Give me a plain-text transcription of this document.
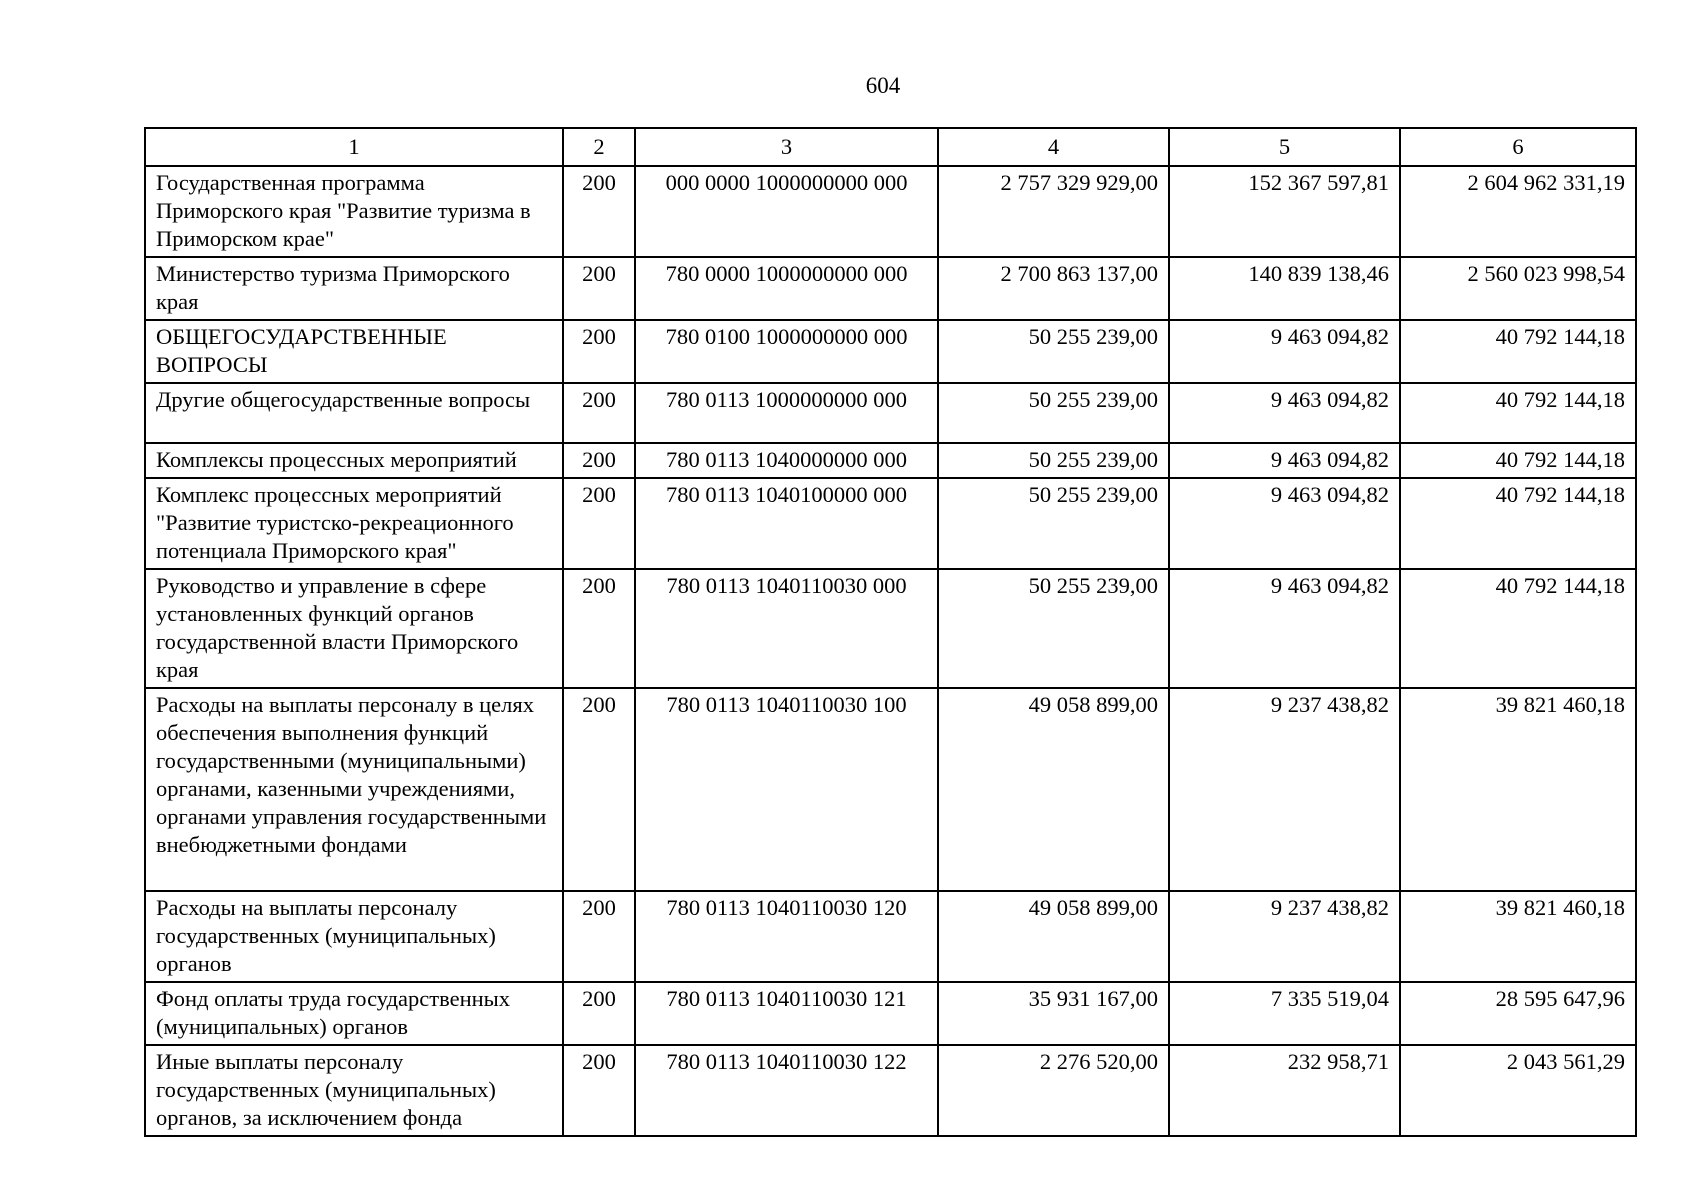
604
1	2	3	4	5	6
Государственная программа Приморского края "Развитие туризма в Приморском крае"	200	000 0000 1000000000 000	2 757 329 929,00	152 367 597,81	2 604 962 331,19
Министерство туризма Приморского края	200	780 0000 1000000000 000	2 700 863 137,00	140 839 138,46	2 560 023 998,54
ОБЩЕГОСУДАРСТВЕННЫЕ ВОПРОСЫ	200	780 0100 1000000000 000	50 255 239,00	9 463 094,82	40 792 144,18
Другие общегосударственные вопросы	200	780 0113 1000000000 000	50 255 239,00	9 463 094,82	40 792 144,18
Комплексы процессных мероприятий	200	780 0113 1040000000 000	50 255 239,00	9 463 094,82	40 792 144,18
Комплекс процессных мероприятий "Развитие туристско-рекреационного потенциала Приморского края"	200	780 0113 1040100000 000	50 255 239,00	9 463 094,82	40 792 144,18
Руководство и управление в сфере установленных функций органов государственной власти Приморского края	200	780 0113 1040110030 000	50 255 239,00	9 463 094,82	40 792 144,18
Расходы на выплаты персоналу в целях обеспечения выполнения функций государственными (муниципальными) органами, казенными учреждениями, органами управления государственными внебюджетными фондами	200	780 0113 1040110030 100	49 058 899,00	9 237 438,82	39 821 460,18
Расходы на выплаты персоналу государственных (муниципальных) органов	200	780 0113 1040110030 120	49 058 899,00	9 237 438,82	39 821 460,18
Фонд оплаты труда государственных (муниципальных) органов	200	780 0113 1040110030 121	35 931 167,00	7 335 519,04	28 595 647,96
Иные выплаты персоналу государственных (муниципальных) органов, за исключением фонда	200	780 0113 1040110030 122	2 276 520,00	232 958,71	2 043 561,29
